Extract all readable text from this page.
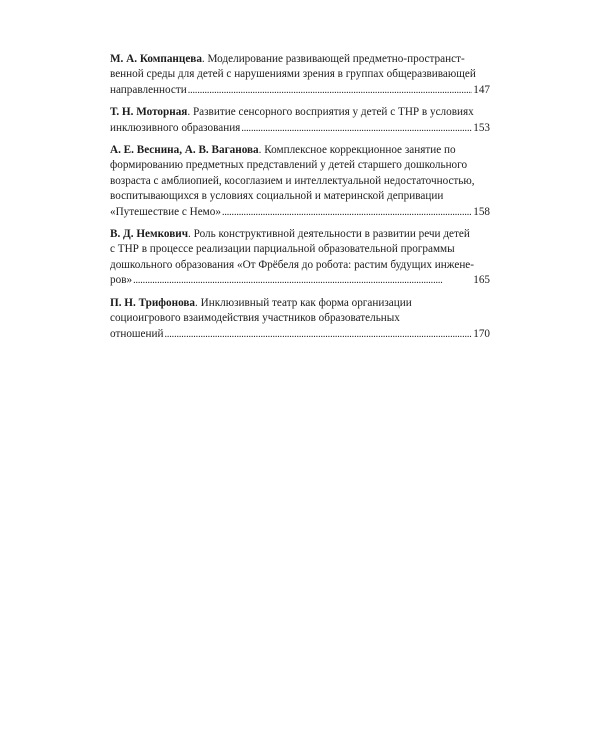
М. А. Компанцева. Моделирование развивающей предметно-пространст-
венной среды для детей с нарушениями зрения в группах общеразвивающей
направленности . . .	147
Т. Н. Моторная. Развитие сенсорного восприятия у детей с ТНР в условиях
инклюзивного образования . . .	153
А. Е. Веснина, А. В. Ваганова. Комплексное коррекционное занятие по
формированию предметных представлений у детей старшего дошкольного
возраста с амблиопией, косоглазием и интеллектуальной недостаточностью,
воспитывающихся в условиях социальной и материнской депривации
«Путешествие с Немо» . . .	158
В. Д. Немкович. Роль конструктивной деятельности в развитии речи детей
с ТНР в процессе реализации парциальной образовательной программы
дошкольного образования «От Фрёбеля до робота: растим будущих инжене-
ров» . . .	165
П. Н. Трифонова. Инклюзивный театр как форма организации
социоигрового взаимодействия участников образовательных
отношений . . .	170
